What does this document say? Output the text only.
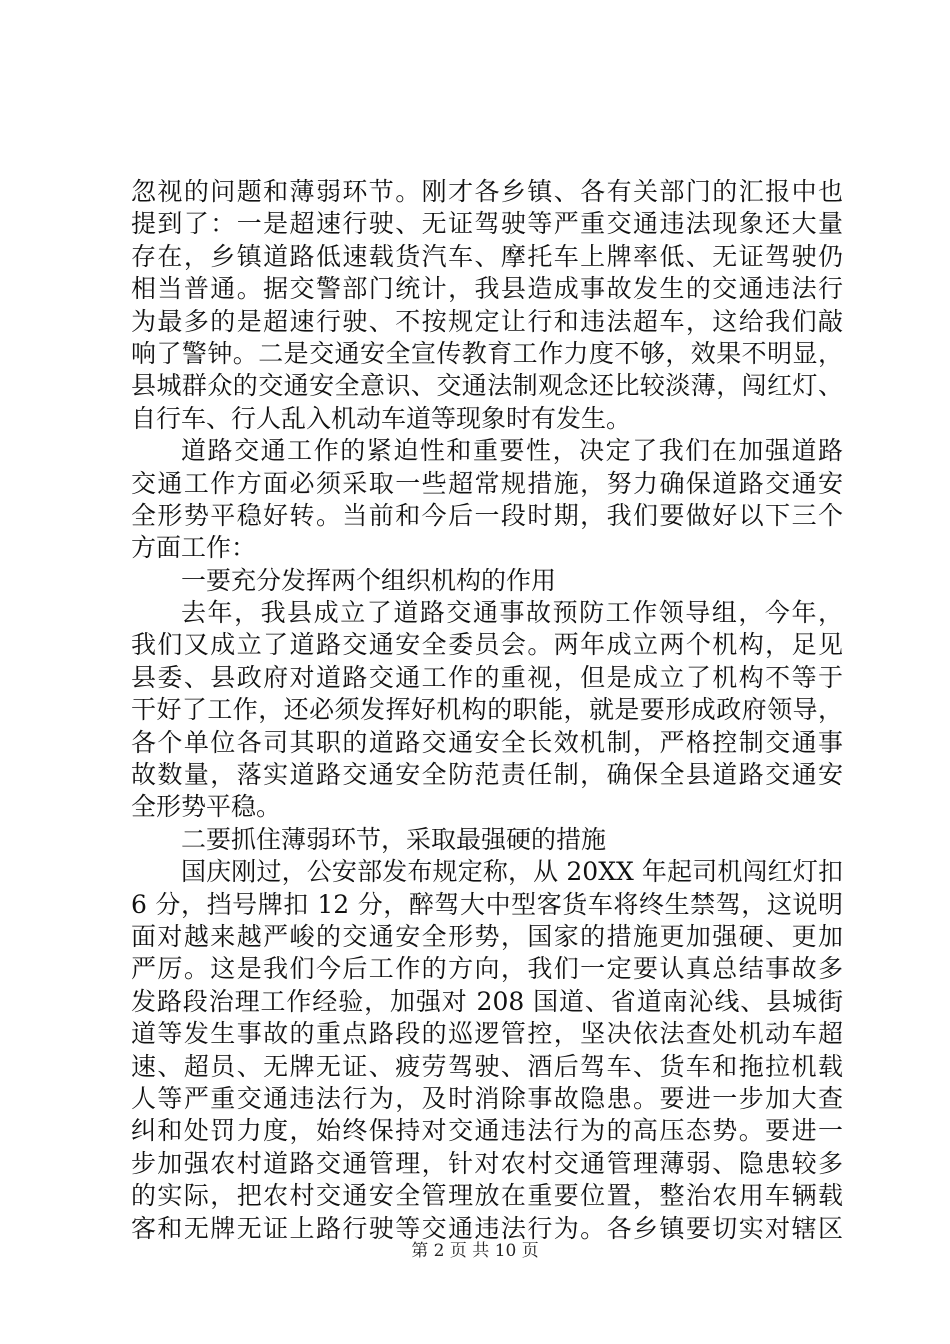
忽视的问题和薄弱环节。刚才各乡镇、各有关部门的汇报中也
提到了：一是超速行驶、无证驾驶等严重交通违法现象还大量
存在，乡镇道路低速载货汽车、摩托车上牌率低、无证驾驶仍
相当普通。据交警部门统计，我县造成事故发生的交通违法行
为最多的是超速行驶、不按规定让行和违法超车，这给我们敲
响了警钟。二是交通安全宣传教育工作力度不够，效果不明显，
县城群众的交通安全意识、交通法制观念还比较淡薄，闯红灯、
自行车、行人乱入机动车道等现象时有发生。
道路交通工作的紧迫性和重要性，决定了我们在加强道路
交通工作方面必须采取一些超常规措施，努力确保道路交通安
全形势平稳好转。当前和今后一段时期，我们要做好以下三个
方面工作：
一要充分发挥两个组织机构的作用
去年，我县成立了道路交通事故预防工作领导组，今年，
我们又成立了道路交通安全委员会。两年成立两个机构，足见
县委、县政府对道路交通工作的重视，但是成立了机构不等于
干好了工作，还必须发挥好机构的职能，就是要形成政府领导，
各个单位各司其职的道路交通安全长效机制，严格控制交通事
故数量，落实道路交通安全防范责任制，确保全县道路交通安
全形势平稳。
二要抓住薄弱环节，采取最强硬的措施
国庆刚过，公安部发布规定称，从 20XX 年起司机闯红灯扣
6 分，挡号牌扣 12 分，醉驾大中型客货车将终生禁驾，这说明
面对越来越严峻的交通安全形势，国家的措施更加强硬、更加
严厉。这是我们今后工作的方向，我们一定要认真总结事故多
发路段治理工作经验，加强对 208 国道、省道南沁线、县城街
道等发生事故的重点路段的巡逻管控，坚决依法查处机动车超
速、超员、无牌无证、疲劳驾驶、酒后驾车、货车和拖拉机载
人等严重交通违法行为，及时消除事故隐患。要进一步加大查
纠和处罚力度，始终保持对交通违法行为的高压态势。要进一
步加强农村道路交通管理，针对农村交通管理薄弱、隐患较多
的实际，把农村交通安全管理放在重要位置，整治农用车辆载
客和无牌无证上路行驶等交通违法行为。各乡镇要切实对辖区
第 2 页 共 10 页
